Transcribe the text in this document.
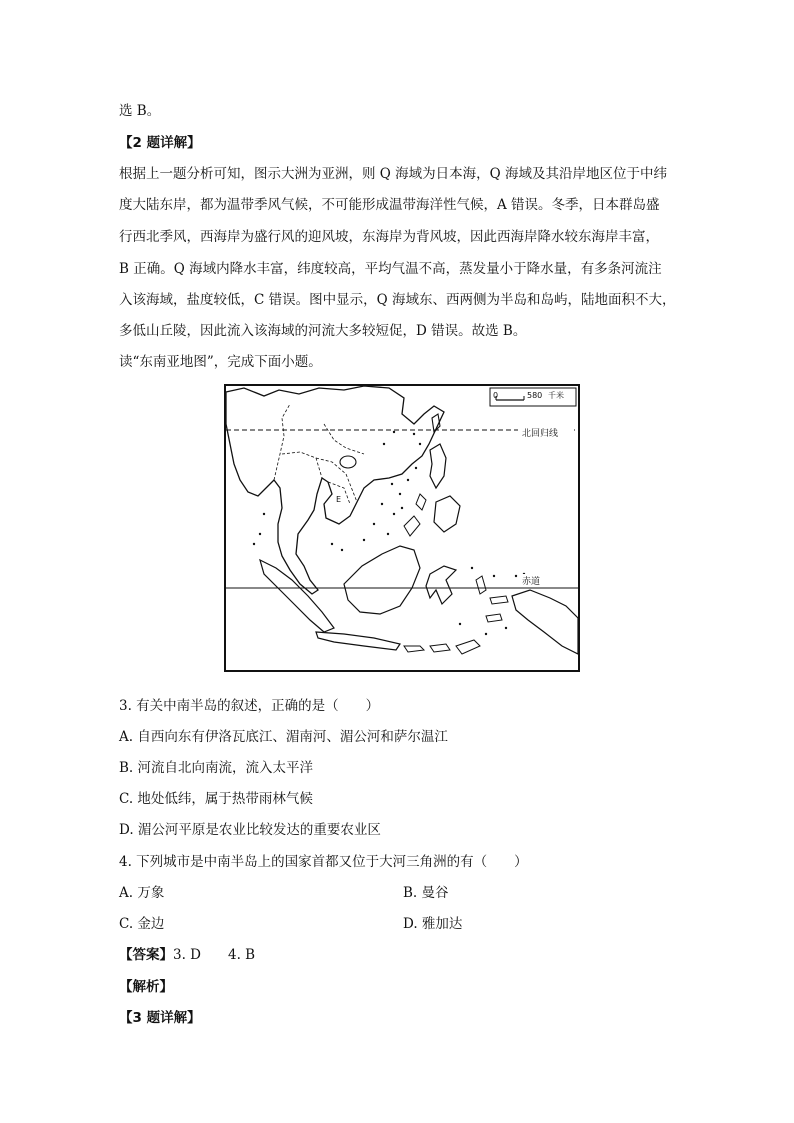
选 B。
【2 题详解】
根据上一题分析可知，图示大洲为亚洲，则 Q 海域为日本海，Q 海域及其沿岸地区位于中纬
度大陆东岸，都为温带季风气候，不可能形成温带海洋性气候，A 错误。冬季，日本群岛盛
行西北季风，西海岸为盛行风的迎风坡，东海岸为背风坡，因此西海岸降水较东海岸丰富，
B 正确。Q 海域内降水丰富，纬度较高，平均气温不高，蒸发量小于降水量，有多条河流注
入该海域，盐度较低，C 错误。图中显示，Q 海域东、西两侧为半岛和岛屿，陆地面积不大，
多低山丘陵，因此流入该海域的河流大多较短促，D 错误。故选 B。
读“东南亚地图”，完成下面小题。
0	580 千米
北回归线
赤道
E
3. 有关中南半岛的叙述，正确的是（　　）
A. 自西向东有伊洛瓦底江、湄南河、湄公河和萨尔温江
B. 河流自北向南流，流入太平洋
C. 地处低纬，属于热带雨林气候
D. 湄公河平原是农业比较发达的重要农业区
4. 下列城市是中南半岛上的国家首都又位于大河三角洲的有（　　）
A. 万象	B. 曼谷
C. 金边	D. 雅加达
【答案】3. D　　4. B
【解析】
【3 题详解】
